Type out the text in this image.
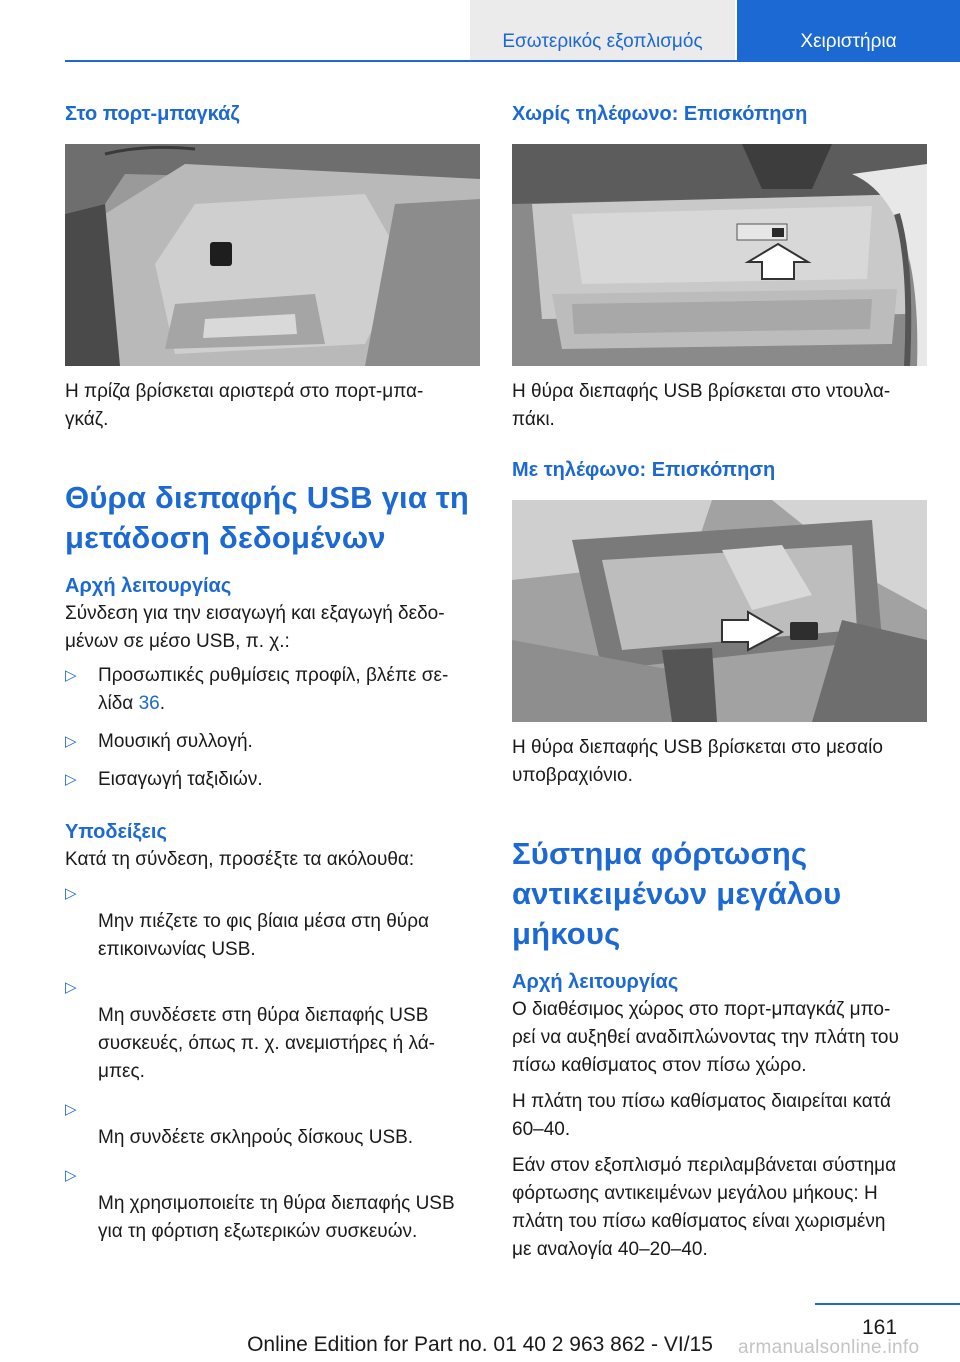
Εσωτερικός εξοπλισμός	Χειριστήρια
Στο πορτ-μπαγκάζ

Η πρίζα βρίσκεται αριστερά στο πορτ-μπα‐
γκάζ.

Θύρα διεπαφής USB για τη
μετάδοση δεδομένων
Αρχή λειτουργίας

Σύνδεση για την εισαγωγή και εξαγωγή δεδο‐
μένων σε μέσο USB, π. χ.:

▷ Προσωπικές ρυθμίσεις προφίλ, βλέπε σε‐
λίδα 36.
▷ Μουσική συλλογή.
▷ Εισαγωγή ταξιδιών.
Υποδείξεις

Κατά τη σύνδεση, προσέξτε τα ακόλουθα:

▷
Μην πιέζετε το φις βίαια μέσα στη θύρα
επικοινωνίας USB.

▷
Μη συνδέσετε στη θύρα διεπαφής USB
συσκευές, όπως π. χ. ανεμιστήρες ή λά‐
μπες.

▷
Μη συνδέετε σκληρούς δίσκους USB.

▷
Μη χρησιμοποιείτε τη θύρα διεπαφής USB
για τη φόρτιση εξωτερικών συσκευών.

Χωρίς τηλέφωνο: Επισκόπηση

Η θύρα διεπαφής USB βρίσκεται στο ντουλα‐
πάκι.

Με τηλέφωνο: Επισκόπηση

Η θύρα διεπαφής USB βρίσκεται στο μεσαίο
υποβραχιόνιο.

Σύστημα φόρτωσης
αντικειμένων μεγάλου
μήκους
Αρχή λειτουργίας

Ο διαθέσιμος χώρος στο πορτ-μπαγκάζ μπο‐
ρεί να αυξηθεί αναδιπλώνοντας την πλάτη του
πίσω καθίσματος στον πίσω χώρο.

Η πλάτη του πίσω καθίσματος διαιρείται κατά
60–40.

Εάν στον εξοπλισμό περιλαμβάνεται σύστημα
φόρτωσης αντικειμένων μεγάλου μήκους: Η
πλάτη του πίσω καθίσματος είναι χωρισμένη
με αναλογία 40–20–40.

161
Online Edition for Part no. 01 40 2 963 862 - VI/15	armanualsonline.info
